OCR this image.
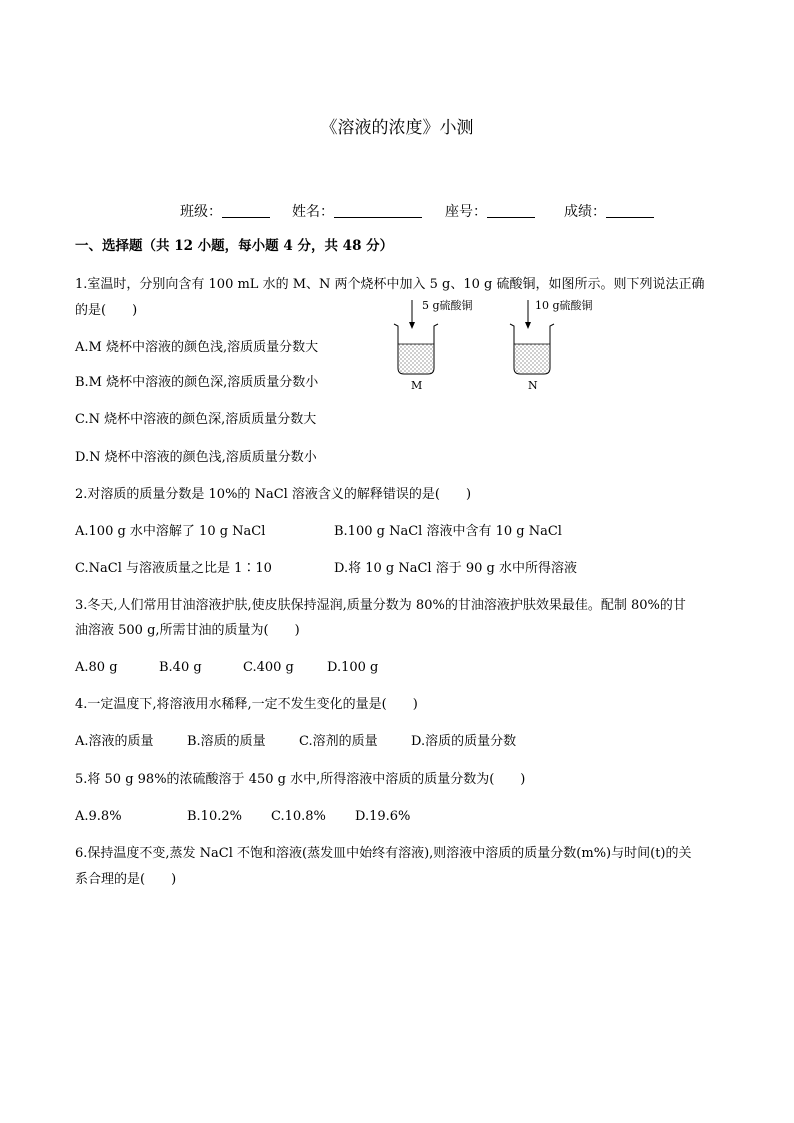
《溶液的浓度》小测
班级：	姓名：	座号：	成绩：
一、选择题（共 12 小题，每小题 4 分，共 48 分）
1.室温时，分别向含有 100 mL 水的 M、N 两个烧杯中加入 5 g、10 g 硫酸铜，如图所示。则下列说法正确
的是(　　)
A.M 烧杯中溶液的颜色浅,溶质质量分数大
B.M 烧杯中溶液的颜色深,溶质质量分数小
C.N 烧杯中溶液的颜色深,溶质质量分数大
D.N 烧杯中溶液的颜色浅,溶质质量分数小
5 g硫酸铜
M
10 g硫酸铜
N
2.对溶质的质量分数是 10%的 NaCl 溶液含义的解释错误的是(　　)
A.100 g 水中溶解了 10 g NaCl	B.100 g NaCl 溶液中含有 10 g NaCl
C.NaCl 与溶液质量之比是 1∶10	D.将 10 g NaCl 溶于 90 g 水中所得溶液
3.冬天,人们常用甘油溶液护肤,使皮肤保持湿润,质量分数为 80%的甘油溶液护肤效果最佳。配制 80%的甘
油溶液 500 g,所需甘油的质量为(　　)
A.80 g	B.40 g	C.400 g	D.100 g
4.一定温度下,将溶液用水稀释,一定不发生变化的量是(　　)
A.溶液的质量	B.溶质的质量	C.溶剂的质量	D.溶质的质量分数
5.将 50 g 98%的浓硫酸溶于 450 g 水中,所得溶液中溶质的质量分数为(　　)
A.9.8%	B.10.2% C.10.8% D.19.6%
6.保持温度不变,蒸发 NaCl 不饱和溶液(蒸发皿中始终有溶液),则溶液中溶质的质量分数(m%)与时间(t)的关
系合理的是(　　)
